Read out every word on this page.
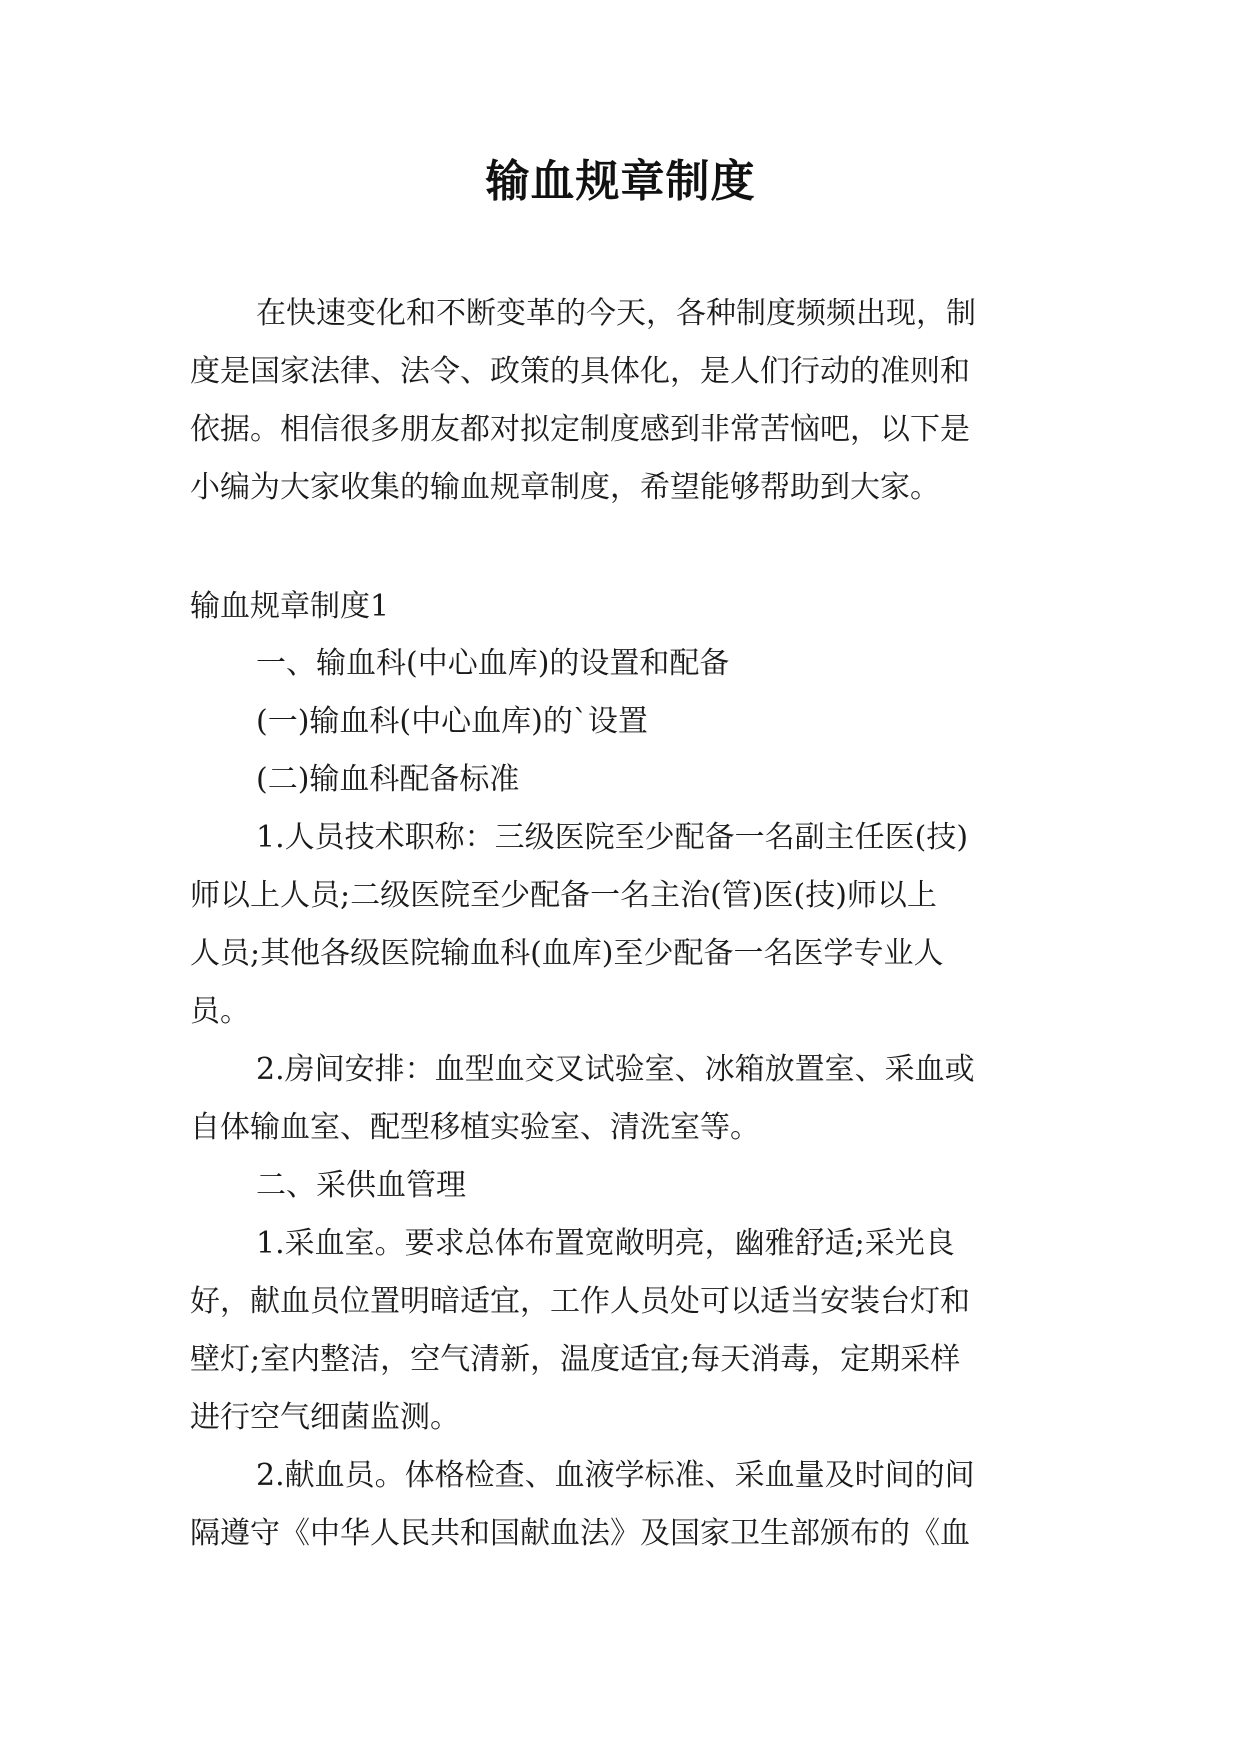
输血规章制度

在快速变化和不断变革的今天，各种制度频频出现，制

度是国家法律、法令、政策的具体化，是人们行动的准则和

依据。相信很多朋友都对拟定制度感到非常苦恼吧，以下是

小编为大家收集的输血规章制度，希望能够帮助到大家。

输血规章制度1

一、输血科(中心血库)的设置和配备

(一)输血科(中心血库)的`设置

(二)输血科配备标准

1.人员技术职称：三级医院至少配备一名副主任医(技)

师以上人员;二级医院至少配备一名主治(管)医(技)师以上

人员;其他各级医院输血科(血库)至少配备一名医学专业人

员。

2.房间安排：血型血交叉试验室、冰箱放置室、采血或

自体输血室、配型移植实验室、清洗室等。

二、采供血管理

1.采血室。要求总体布置宽敞明亮，幽雅舒适;采光良

好，献血员位置明暗适宜，工作人员处可以适当安装台灯和

壁灯;室内整洁，空气清新，温度适宜;每天消毒，定期采样

进行空气细菌监测。

2.献血员。体格检查、血液学标准、采血量及时间的间

隔遵守《中华人民共和国献血法》及国家卫生部颁布的《血
